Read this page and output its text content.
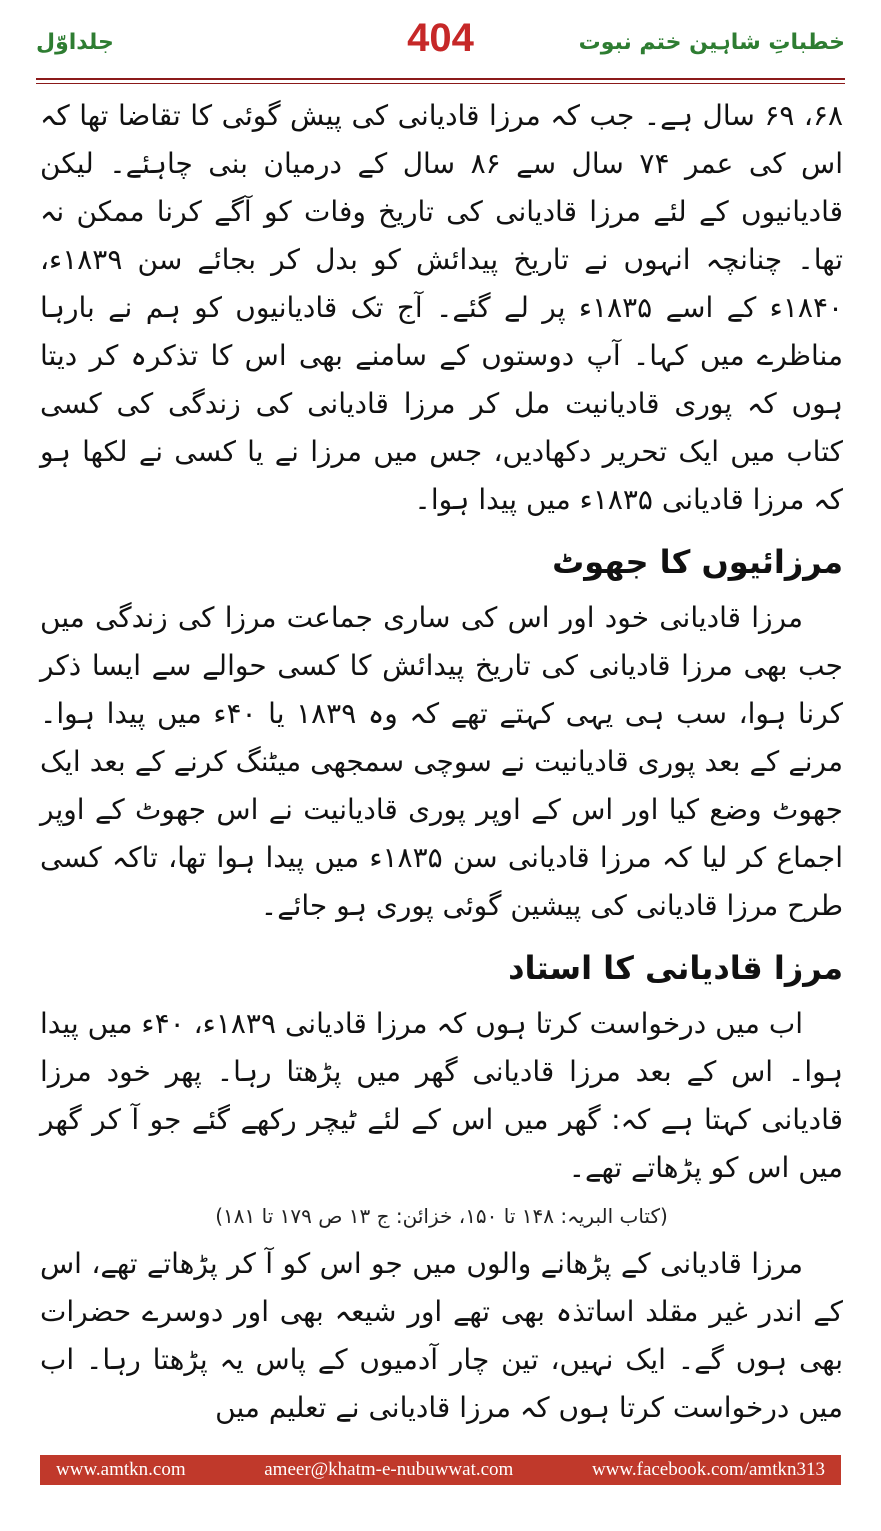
جلداوّل	404	خطباتِ شاہین ختم نبوت

۶۸، ۶۹ سال ہے۔ جب کہ مرزا قادیانی کی پیش گوئی کا تقاضا تھا کہ اس کی عمر ۷۴ سال سے ۸۶ سال کے درمیان بنی چاہئے۔ لیکن قادیانیوں کے لئے مرزا قادیانی کی تاریخ وفات کو آگے کرنا ممکن نہ تھا۔ چنانچہ انہوں نے تاریخ پیدائش کو بدل کر بجائے سن ۱۸۳۹ء، ۱۸۴۰ء کے اسے ۱۸۳۵ء پر لے گئے۔ آج تک قادیانیوں کو ہم نے بارہا مناظرے میں کہا۔ آپ دوستوں کے سامنے بھی اس کا تذکرہ کر دیتا ہوں کہ پوری قادیانیت مل کر مرزا قادیانی کی زندگی کی کسی کتاب میں ایک تحریر دکھادیں، جس میں مرزا نے یا کسی نے لکھا ہو کہ مرزا قادیانی ۱۸۳۵ء میں پیدا ہوا۔

مرزائیوں کا جھوٹ

مرزا قادیانی خود اور اس کی ساری جماعت مرزا کی زندگی میں جب بھی مرزا قادیانی کی تاریخ پیدائش کا کسی حوالے سے ایسا ذکر کرنا ہوا، سب ہی یہی کہتے تھے کہ وہ ۱۸۳۹ یا ۴۰ء میں پیدا ہوا۔ مرنے کے بعد پوری قادیانیت نے سوچی سمجھی میٹنگ کرنے کے بعد ایک جھوٹ وضع کیا اور اس کے اوپر پوری قادیانیت نے اس جھوٹ کے اوپر اجماع کر لیا کہ مرزا قادیانی سن ۱۸۳۵ء میں پیدا ہوا تھا، تاکہ کسی طرح مرزا قادیانی کی پیشین گوئی پوری ہو جائے۔

مرزا قادیانی کا استاد

اب میں درخواست کرتا ہوں کہ مرزا قادیانی ۱۸۳۹ء، ۴۰ء میں پیدا ہوا۔ اس کے بعد مرزا قادیانی گھر میں پڑھتا رہا۔ پھر خود مرزا قادیانی کہتا ہے کہ: گھر میں اس کے لئے ٹیچر رکھے گئے جو آ کر گھر میں اس کو پڑھاتے تھے۔

(کتاب البریہ: ۱۴۸ تا ۱۵۰، خزائن: ج ۱۳ ص ۱۷۹ تا ۱۸۱)

مرزا قادیانی کے پڑھانے والوں میں جو اس کو آ کر پڑھاتے تھے، اس کے اندر غیر مقلد اساتذہ بھی تھے اور شیعہ بھی اور دوسرے حضرات بھی ہوں گے۔ ایک نہیں، تین چار آدمیوں کے پاس یہ پڑھتا رہا۔ اب میں درخواست کرتا ہوں کہ مرزا قادیانی نے تعلیم میں

www.amtkn.com	ameer@khatm-e-nubuwwat.com	www.facebook.com/amtkn313
